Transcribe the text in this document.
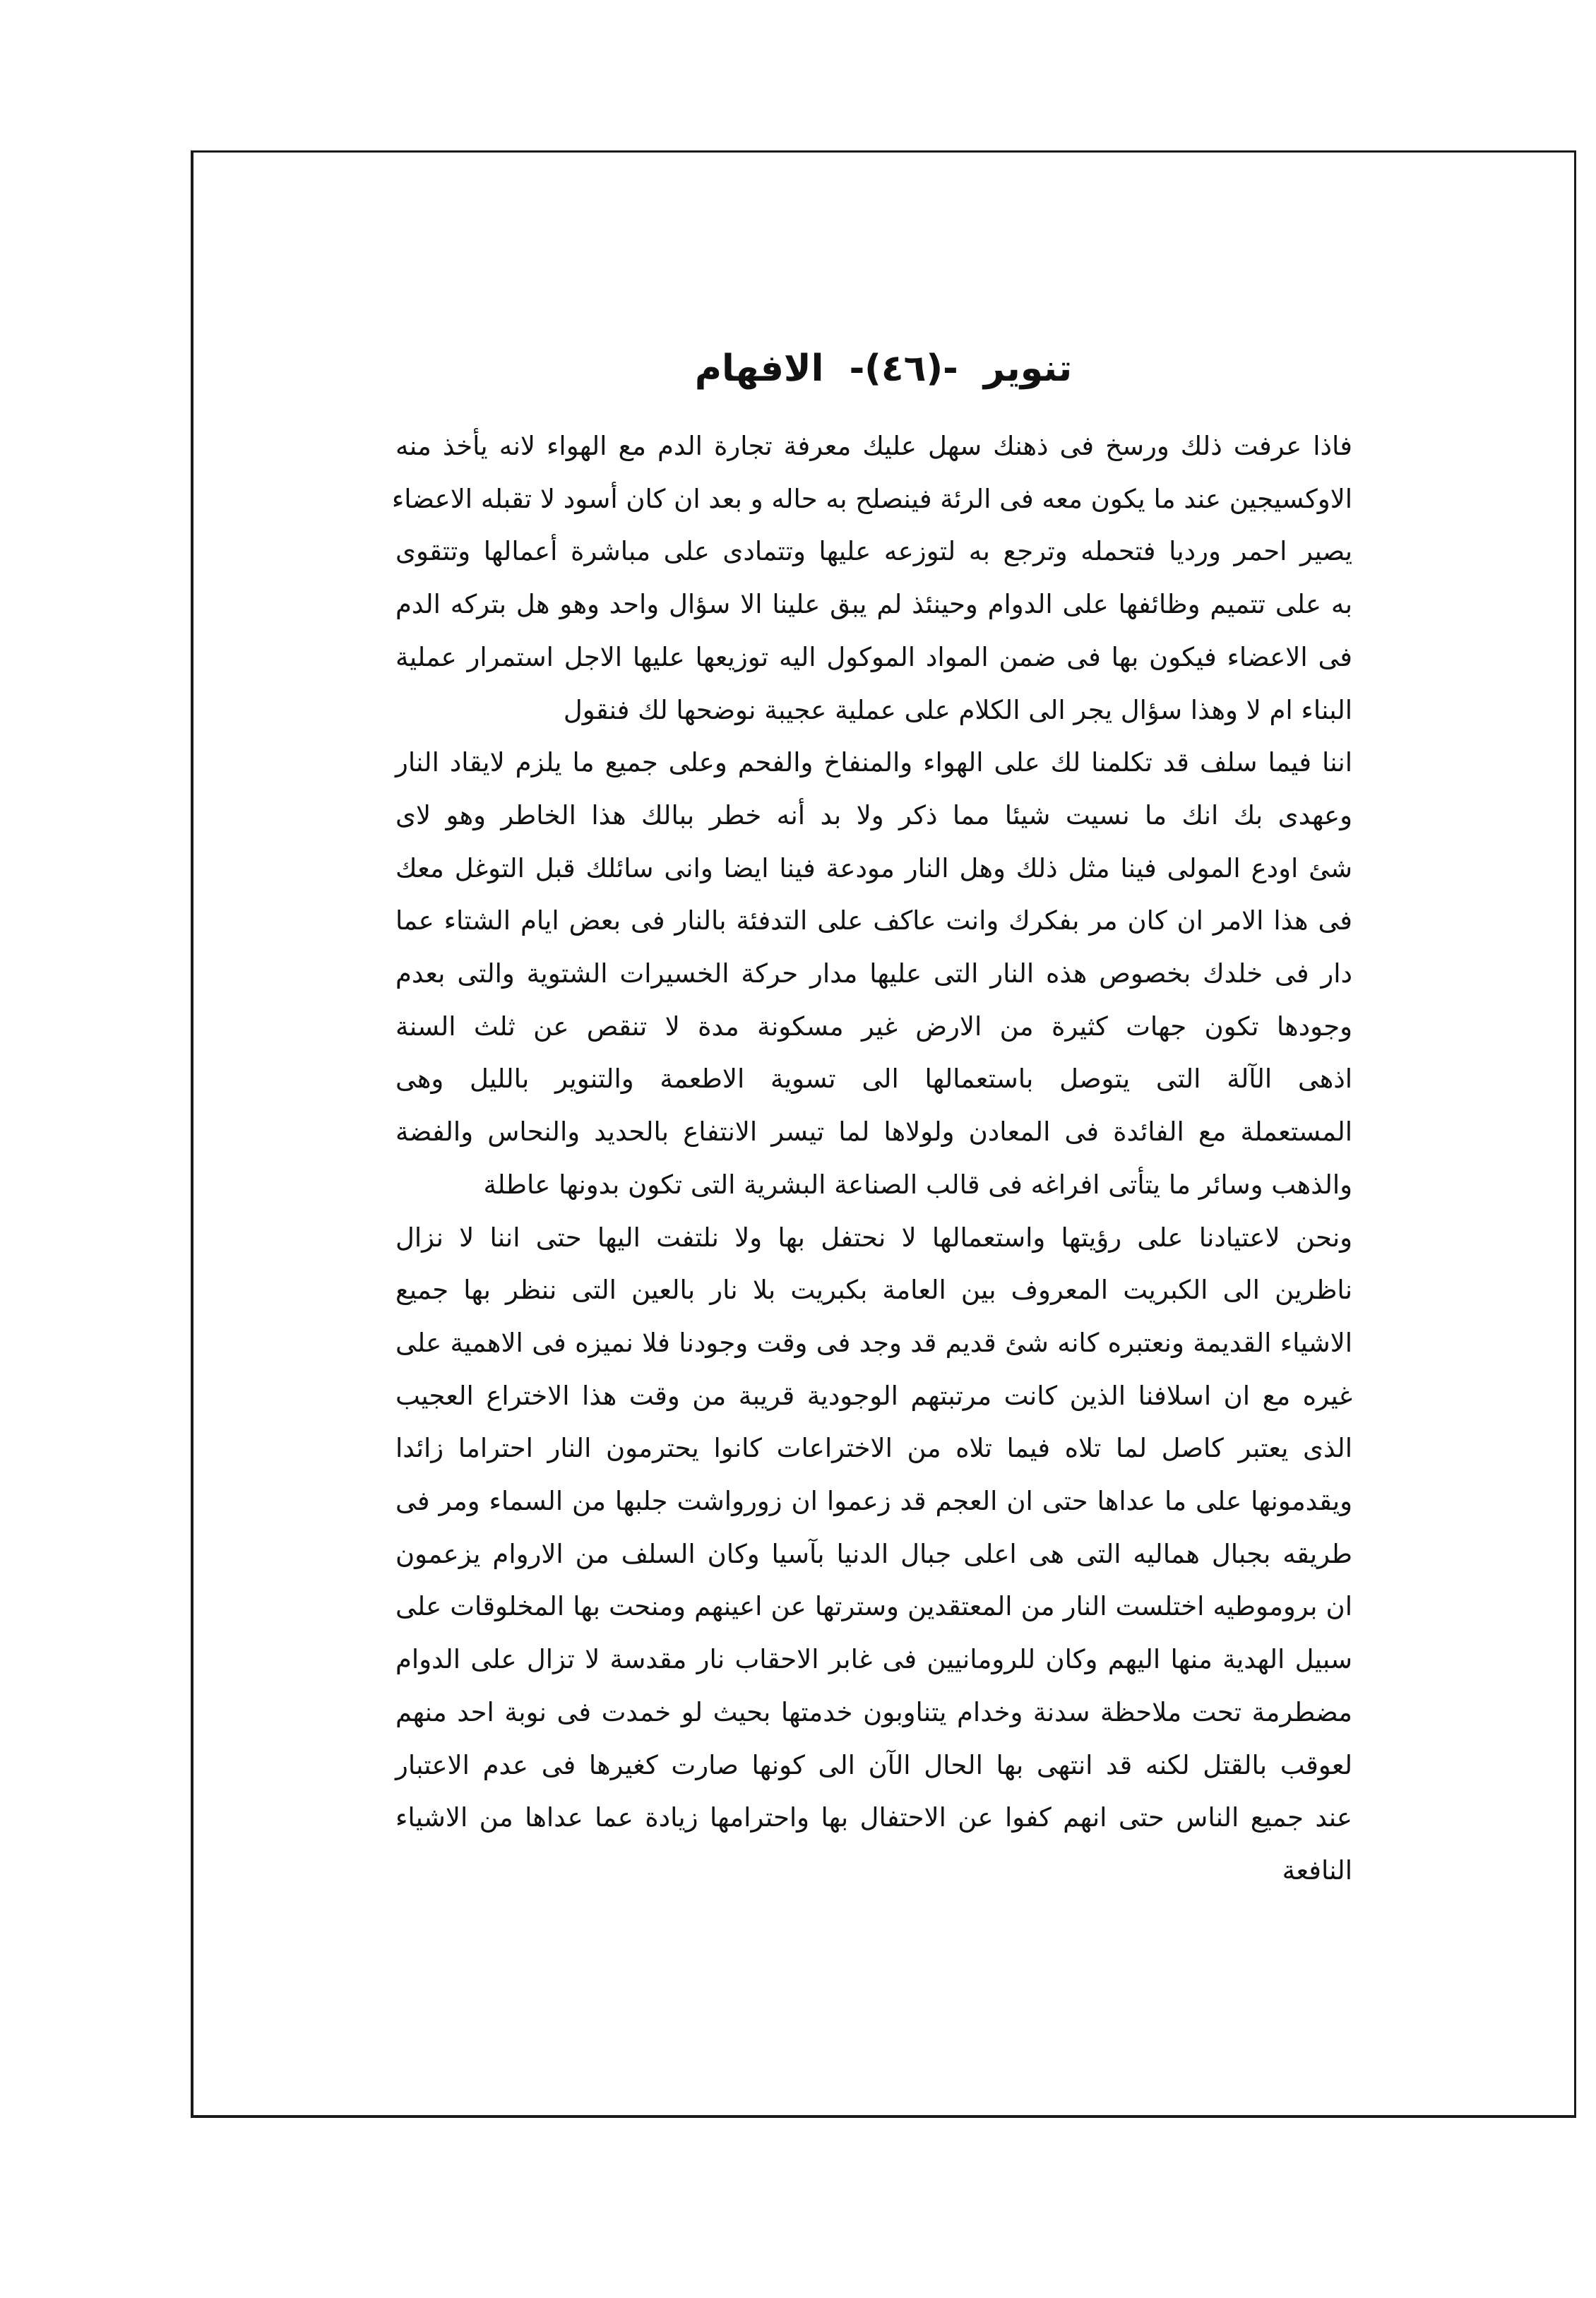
تنوير -(٤٦)- الافهام
فاذا عرفت ذلك ورسخ فى ذهنك سهل عليك معرفة تجارة الدم مع الهواء لانه يأخذ منه
الاوكسيجين عند ما يكون معه فى الرئة فينصلح به حاله و بعد ان كان أسود لا تقبله الاعضاء
يصير احمر ورديا فتحمله وترجع به لتوزعه عليها وتتمادى على مباشرة أعمالها وتتقوى
به على تتميم وظائفها على الدوام وحينئذ لم يبق علينا الا سؤال واحد وهو هل بتركه الدم
فى الاعضاء فيكون بها فى ضمن المواد الموكول اليه توزيعها عليها الاجل استمرار عملية
البناء ام لا وهذا سؤال يجر الى الكلام على عملية عجيبة نوضحها لك فنقول
اننا فيما سلف قد تكلمنا لك على الهواء والمنفاخ والفحم وعلى جميع ما يلزم لايقاد النار
وعهدى بك انك ما نسيت شيئا مما ذكر ولا بد أنه خطر ببالك هذا الخاطر وهو لاى
شئ اودع المولى فينا مثل ذلك وهل النار مودعة فينا ايضا وانى سائلك قبل التوغل معك
فى هذا الامر ان كان مر بفكرك وانت عاكف على التدفئة بالنار فى بعض ايام الشتاء عما
دار فى خلدك بخصوص هذه النار التى عليها مدار حركة الخسيرات الشتوية والتى بعدم
وجودها تكون جهات كثيرة من الارض غير مسكونة مدة لا تنقص عن ثلث السنة
اذهى الآلة التى يتوصل باستعمالها الى تسوية الاطعمة والتنوير بالليل وهى
المستعملة مع الفائدة فى المعادن ولولاها لما تيسر الانتفاع بالحديد والنحاس والفضة
والذهب وسائر ما يتأتى افراغه فى قالب الصناعة البشرية التى تكون بدونها عاطلة
ونحن لاعتيادنا على رؤيتها واستعمالها لا نحتفل بها ولا نلتفت اليها حتى اننا لا نزال
ناظرين الى الكبريت المعروف بين العامة بكبريت بلا نار بالعين التى ننظر بها جميع
الاشياء القديمة ونعتبره كانه شئ قديم قد وجد فى وقت وجودنا فلا نميزه فى الاهمية على
غيره مع ان اسلافنا الذين كانت مرتبتهم الوجودية قريبة من وقت هذا الاختراع العجيب
الذى يعتبر كاصل لما تلاه فيما تلاه من الاختراعات كانوا يحترمون النار احتراما زائدا
ويقدمونها على ما عداها حتى ان العجم قد زعموا ان زورواشت جلبها من السماء ومر فى
طريقه بجبال هماليه التى هى اعلى جبال الدنيا بآسيا وكان السلف من الاروام يزعمون
ان بروموطيه اختلست النار من المعتقدين وسترتها عن اعينهم ومنحت بها المخلوقات على
سبيل الهدية منها اليهم وكان للرومانيين فى غابر الاحقاب نار مقدسة لا تزال على الدوام
مضطرمة تحت ملاحظة سدنة وخدام يتناوبون خدمتها بحيث لو خمدت فى نوبة احد منهم
لعوقب بالقتل لكنه قد انتهى بها الحال الآن الى كونها صارت كغيرها فى عدم الاعتبار
عند جميع الناس حتى انهم كفوا عن الاحتفال بها واحترامها زيادة عما عداها من الاشياء
النافعة
